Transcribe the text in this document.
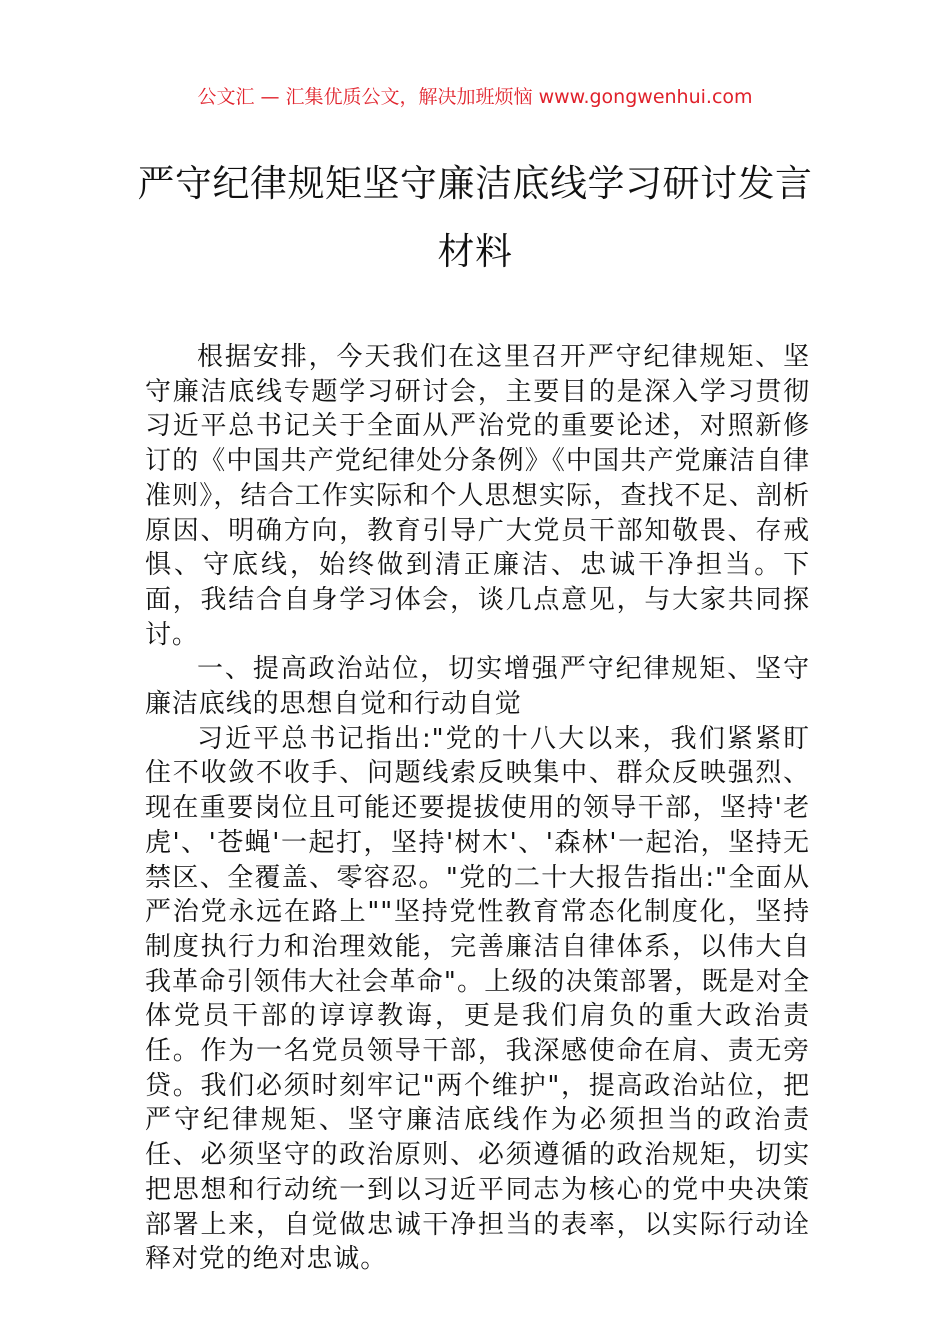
公文汇 — 汇集优质公文，解决加班烦恼 www.gongwenhui.com
严守纪律规矩坚守廉洁底线学习研讨发言
材料

根据安排，今天我们在这里召开严守纪律规矩、坚守廉洁底线专题学习研讨会，主要目的是深入学习贯彻习近平总书记关于全面从严治党的重要论述，对照新修订的《中国共产党纪律处分条例》《中国共产党廉洁自律准则》，结合工作实际和个人思想实际，查找不足、剖析原因、明确方向，教育引导广大党员干部知敬畏、存戒惧、守底线，始终做到清正廉洁、忠诚干净担当。下面，我结合自身学习体会，谈几点意见，与大家共同探讨。

一、提高政治站位，切实增强严守纪律规矩、坚守廉洁底线的思想自觉和行动自觉

习近平总书记指出:"党的十八大以来，我们紧紧盯住不收敛不收手、问题线索反映集中、群众反映强烈、现在重要岗位且可能还要提拔使用的领导干部，坚持'老虎'、'苍蝇'一起打，坚持'树木'、'森林'一起治，坚持无禁区、全覆盖、零容忍。"党的二十大报告指出:"全面从严治党永远在路上""坚持党性教育常态化制度化，坚持制度执行力和治理效能，完善廉洁自律体系，以伟大自我革命引领伟大社会革命"。上级的决策部署，既是对全体党员干部的谆谆教诲，更是我们肩负的重大政治责任。作为一名党员领导干部，我深感使命在肩、责无旁贷。我们必须时刻牢记"两个维护"，提高政治站位，把严守纪律规矩、坚守廉洁底线作为必须担当的政治责任、必须坚守的政治原则、必须遵循的政治规矩，切实把思想和行动统一到以习近平同志为核心的党中央决策部署上来，自觉做忠诚干净担当的表率，以实际行动诠释对党的绝对忠诚。
